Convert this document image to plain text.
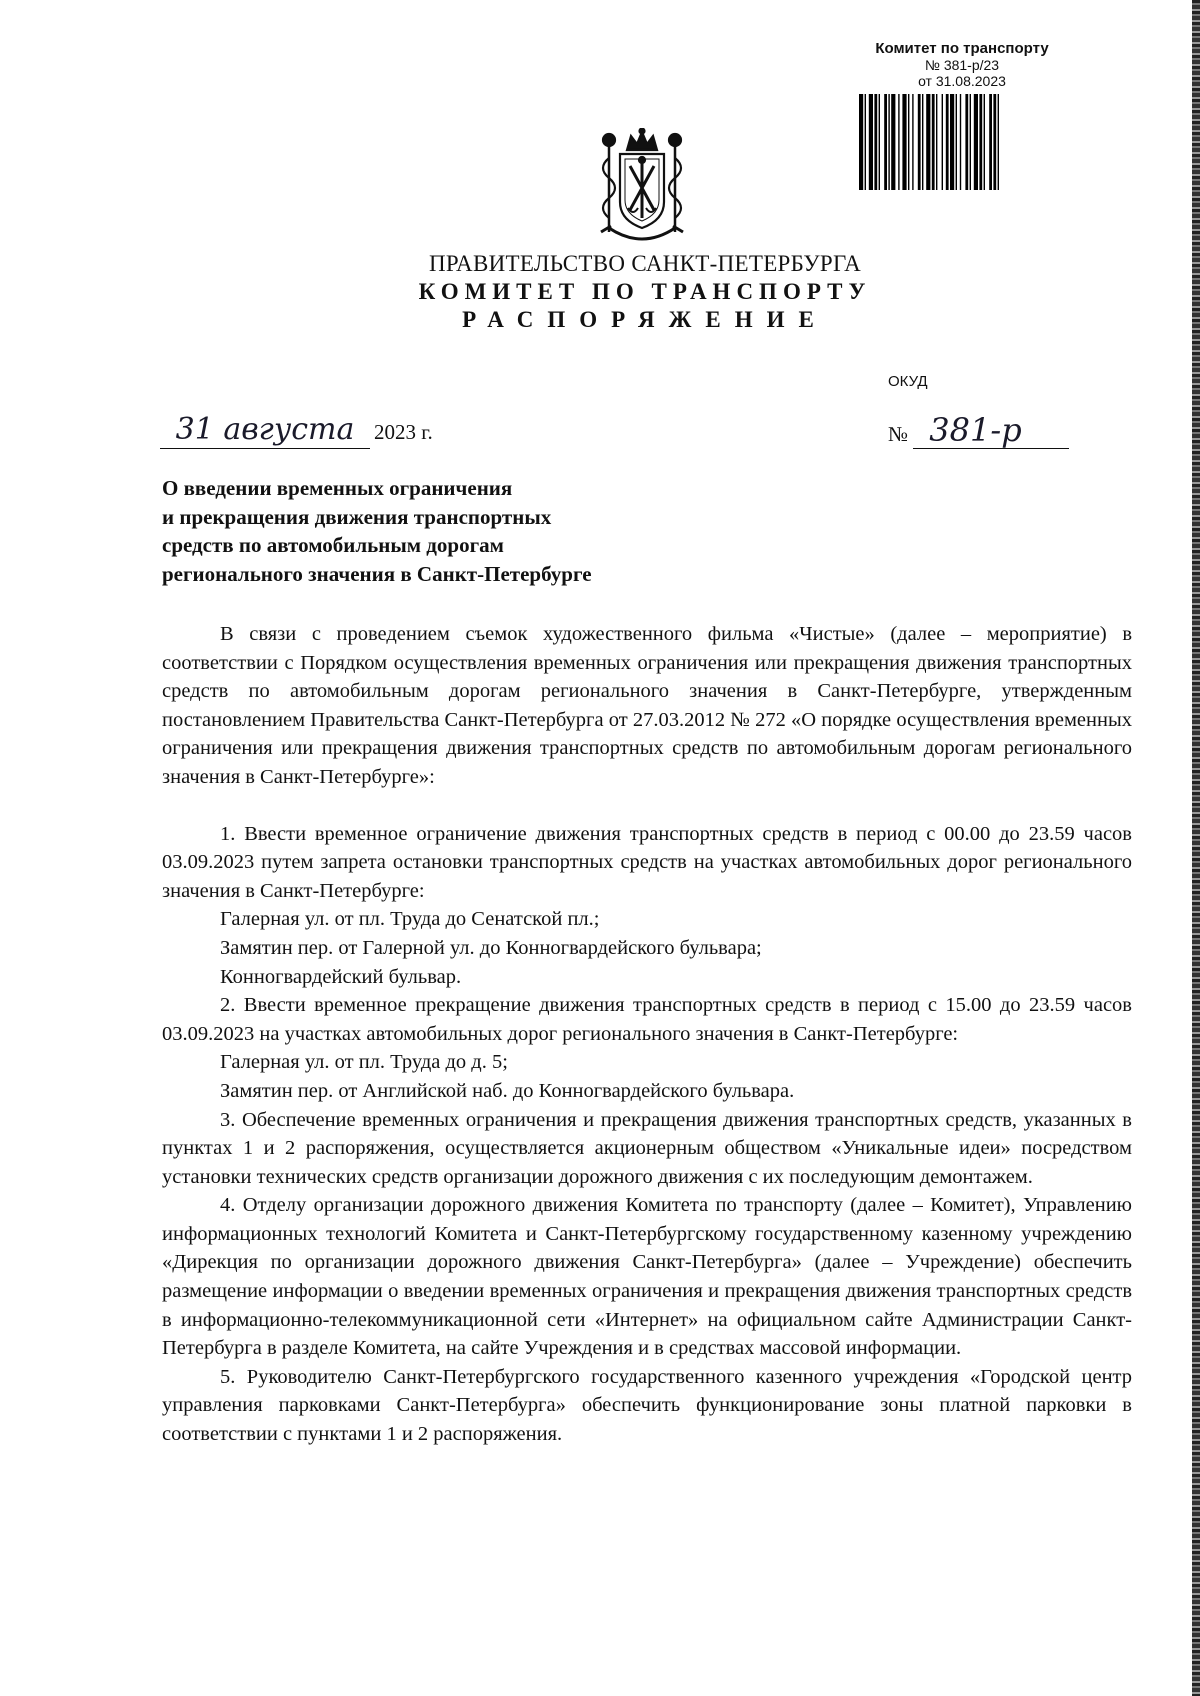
Комитет по транспорту
№ 381-р/23
от 31.08.2023
ПРАВИТЕЛЬСТВО САНКТ-ПЕТЕРБУРГА
КОМИТЕТ ПО ТРАНСПОРТУ
РАСПОРЯЖЕНИЕ
ОКУД
31 августа 2023 г.	№ 381-р
О введении временных ограничения
и прекращения движения транспортных
средств по автомобильным дорогам
регионального значения в Санкт-Петербурге

В связи с проведением съемок художественного фильма «Чистые» (далее – мероприятие) в соответствии с Порядком осуществления временных ограничения или прекращения движения транспортных средств по автомобильным дорогам регионального значения в Санкт-Петербурге, утвержденным постановлением Правительства Санкт-Петербурга от 27.03.2012 № 272 «О порядке осуществления временных ограничения или прекращения движения транспортных средств по автомобильным дорогам регионального значения в Санкт-Петербурге»:

1. Ввести временное ограничение движения транспортных средств в период с 00.00 до 23.59 часов 03.09.2023 путем запрета остановки транспортных средств на участках автомобильных дорог регионального значения в Санкт-Петербурге:

Галерная ул. от пл. Труда до Сенатской пл.;

Замятин пер. от Галерной ул. до Конногвардейского бульвара;

Конногвардейский бульвар.

2. Ввести временное прекращение движения транспортных средств в период с 15.00 до 23.59 часов 03.09.2023 на участках автомобильных дорог регионального значения в Санкт-Петербурге:

Галерная ул. от пл. Труда до д. 5;

Замятин пер. от Английской наб. до Конногвардейского бульвара.

3. Обеспечение временных ограничения и прекращения движения транспортных средств, указанных в пунктах 1 и 2 распоряжения, осуществляется акционерным обществом «Уникальные идеи» посредством установки технических средств организации дорожного движения с их последующим демонтажем.

4. Отделу организации дорожного движения Комитета по транспорту (далее – Комитет), Управлению информационных технологий Комитета и Санкт-Петербургскому государственному казенному учреждению «Дирекция по организации дорожного движения Санкт-Петербурга» (далее – Учреждение) обеспечить размещение информации о введении временных ограничения и прекращения движения транспортных средств в информационно-телекоммуникационной сети «Интернет» на официальном сайте Администрации Санкт-Петербурга в разделе Комитета, на сайте Учреждения и в средствах массовой информации.

5. Руководителю Санкт-Петербургского государственного казенного учреждения «Городской центр управления парковками Санкт-Петербурга» обеспечить функционирование зоны платной парковки в соответствии с пунктами 1 и 2 распоряжения.
